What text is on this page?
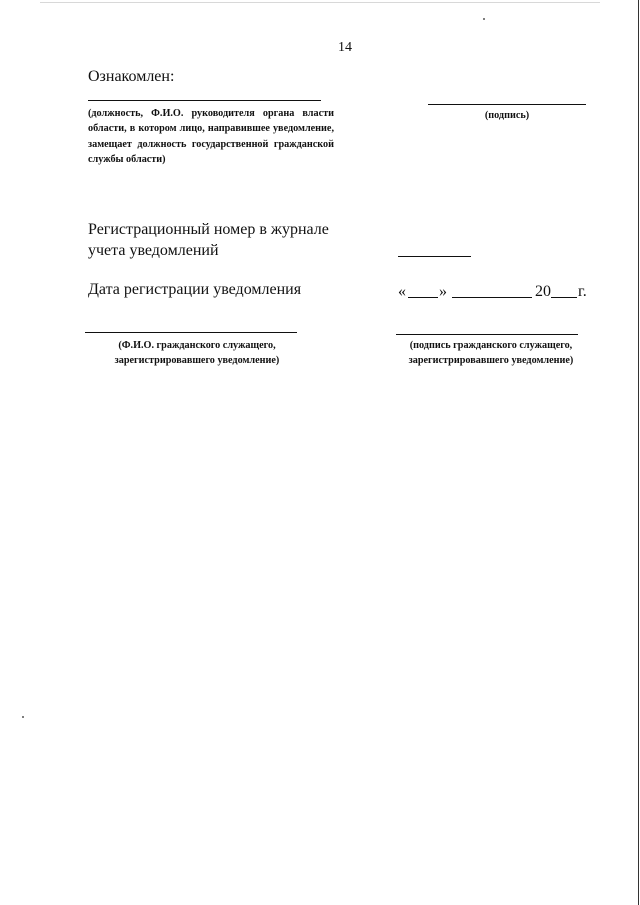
14
Ознакомлен:
(должность, Ф.И.О. руководителя органа власти области, в котором лицо, направившее уведомление, замещает должность государственной гражданской службы области)
(подпись)
Регистрационный номер в журнале
учета уведомлений
Дата регистрации уведомления	« »	20 г.
(Ф.И.О. гражданского служащего,
зарегистрировавшего уведомление)
(подпись гражданского служащего,
зарегистрировавшего уведомление)
